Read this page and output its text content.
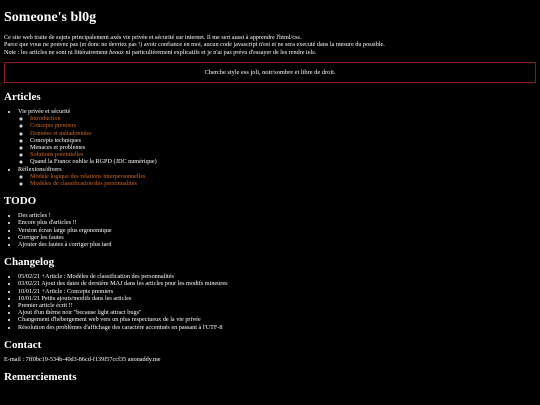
Someone's bl0g

Ce site web traite de sujets principalement axés vie privée et sécurité sur internet. Il me sert aussi à apprendre l'html/css.
Parce que vous ne pouvez pas (et donc ne devriez pas !) avoir confiance en moi, aucun code javascript n'est et ne sera executé dans la mesure du possible.
Note : les articles ne sont ni littérairement beaux ni particulièrement explicatifs et je n'ai pas prévu d'essayer de les rendre tels.

Cherche style ess joli, noir/sombre et libre de droit.
Articles
• Vie privée et sécurité
◦ Introduction
◦ Concepts premiers
◦ Données et métadonnées
◦ Concepts techniques
◦ Menaces et problemes
◦ Solutions potentielles
◦ Quand la France oublie la RGPD (JDC numérique)
• Réflexions/divers
◦ Modèle logique des relations interpersonnelles
◦ Modèles de classification des personnalités
TODO
• Des articles !
• Encore plus d'articles !!
• Version écran large plus ergonomique
• Corriger les fautes
• Ajouter des fautes à corriger plus tard
Changelog
• 05/02/21 +Article : Modèles de classification des personnalités
• 03/02/21 Ajout des dates de dernière MAJ dans les articles pour les modifs mineures
• 10/01/21 +Article : Concepts premiers
• 10/01/21 Petits ajouts/modifs dans les articles
• Premier article écrit !!
• Ajout d'un thème noir "because light attract bugs"
• Changement d'hébergement web vers un plus respectueux de la vie privée
• Résolution des problèmes d'affichage des caractère accentués en passant à l'UTF-8
Contact

E-mail : 7ff0bc19-534b-40d3-86cd-f139f57ccf35 anonaddy.me

Remerciements
